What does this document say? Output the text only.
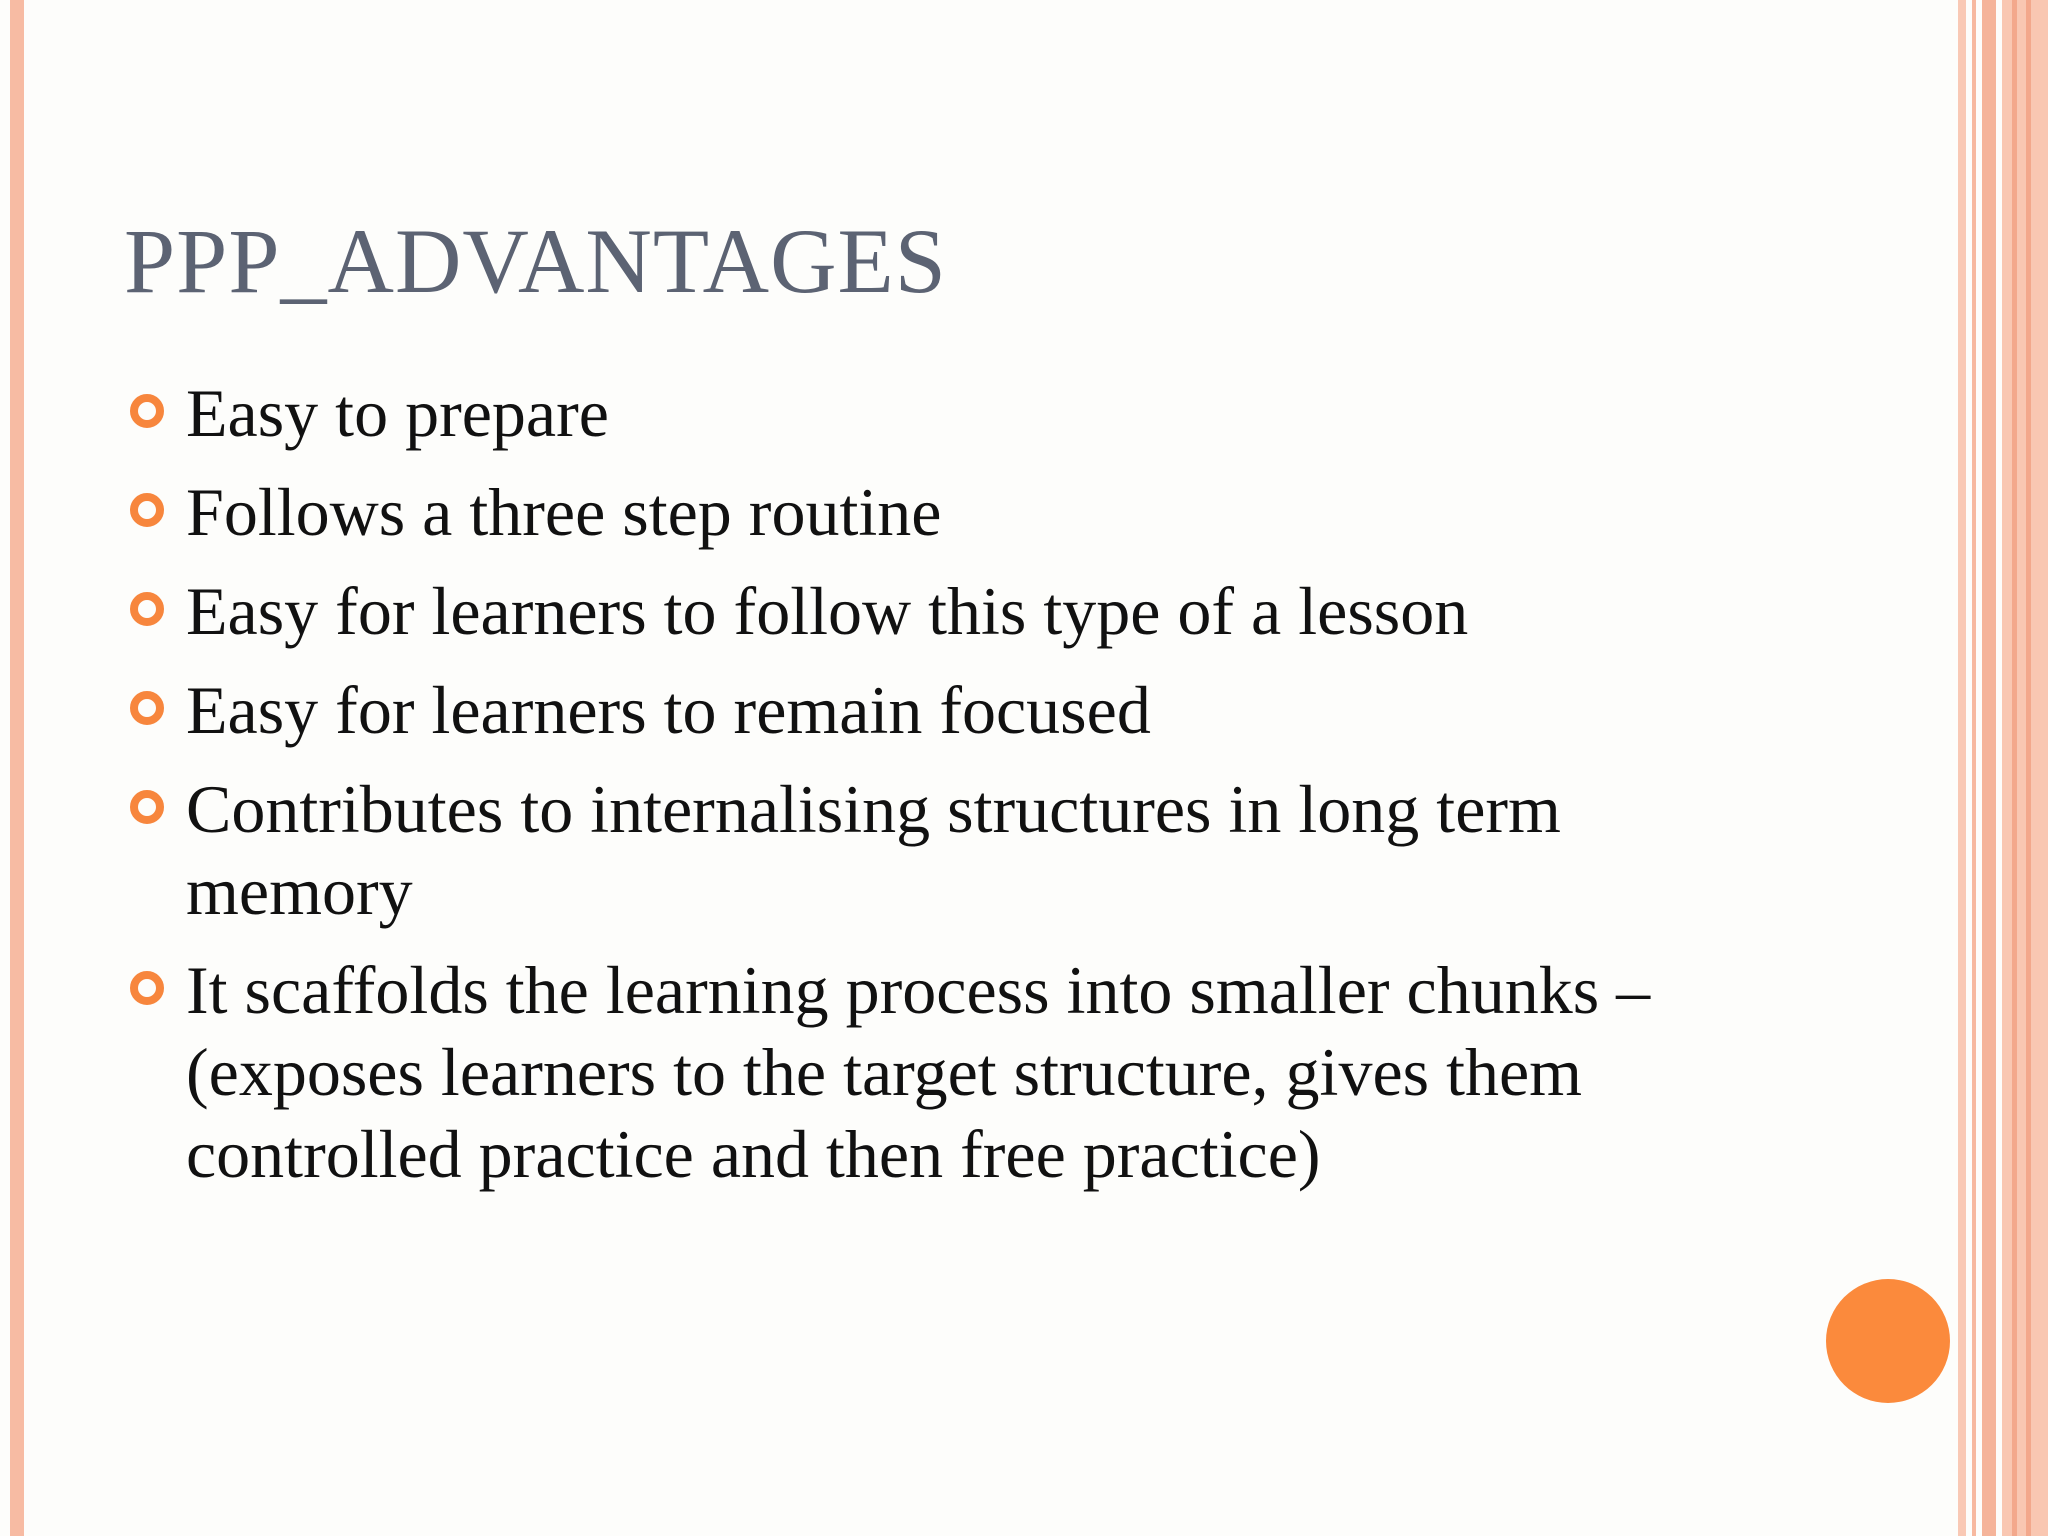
PPP_ADVANTAGES
Easy to prepare
Follows a three step routine
Easy for learners to follow this type of a lesson
Easy for learners to remain focused
Contributes to internalising structures in long term memory
It scaffolds the learning process into smaller chunks – (exposes learners to the target structure, gives them controlled practice and then free practice)
